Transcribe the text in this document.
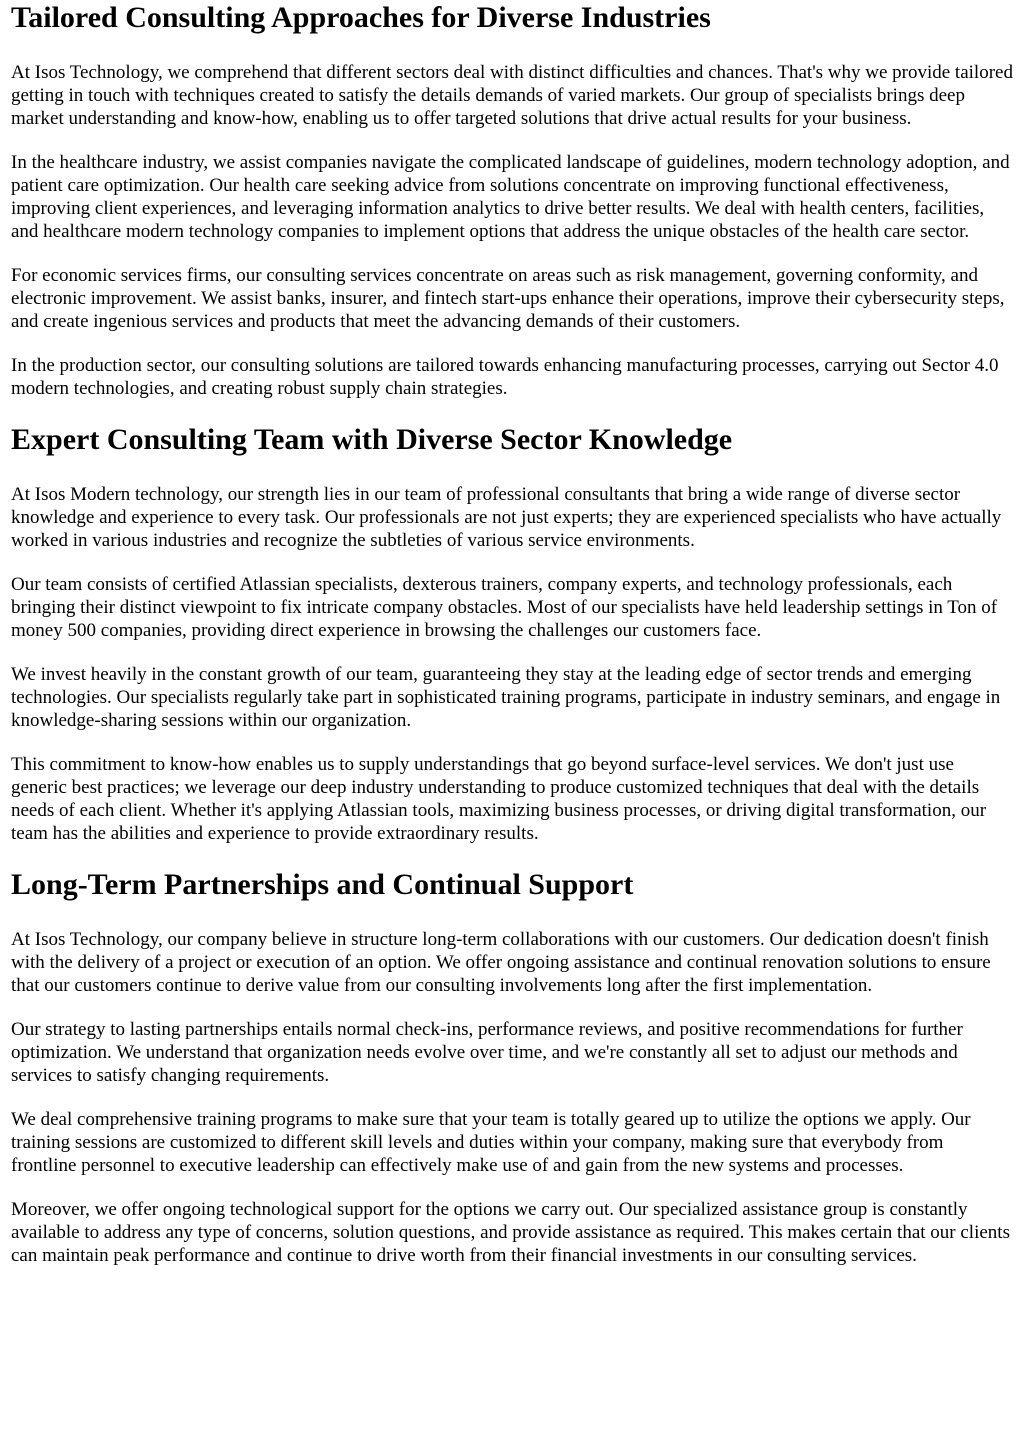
Tailored Consulting Approaches for Diverse Industries

At Isos Technology, we comprehend that different sectors deal with distinct difficulties and chances. That's why we provide tailored getting in touch with techniques created to satisfy the details demands of varied markets. Our group of specialists brings deep market understanding and know-how, enabling us to offer targeted solutions that drive actual results for your business.

In the healthcare industry, we assist companies navigate the complicated landscape of guidelines, modern technology adoption, and patient care optimization. Our health care seeking advice from solutions concentrate on improving functional effectiveness, improving client experiences, and leveraging information analytics to drive better results. We deal with health centers, facilities, and healthcare modern technology companies to implement options that address the unique obstacles of the health care sector.

For economic services firms, our consulting services concentrate on areas such as risk management, governing conformity, and electronic improvement. We assist banks, insurer, and fintech start-ups enhance their operations, improve their cybersecurity steps, and create ingenious services and products that meet the advancing demands of their customers.

In the production sector, our consulting solutions are tailored towards enhancing manufacturing processes, carrying out Sector 4.0 modern technologies, and creating robust supply chain strategies.

Expert Consulting Team with Diverse Sector Knowledge

At Isos Modern technology, our strength lies in our team of professional consultants that bring a wide range of diverse sector knowledge and experience to every task. Our professionals are not just experts; they are experienced specialists who have actually worked in various industries and recognize the subtleties of various service environments.

Our team consists of certified Atlassian specialists, dexterous trainers, company experts, and technology professionals, each bringing their distinct viewpoint to fix intricate company obstacles. Most of our specialists have held leadership settings in Ton of money 500 companies, providing direct experience in browsing the challenges our customers face.

We invest heavily in the constant growth of our team, guaranteeing they stay at the leading edge of sector trends and emerging technologies. Our specialists regularly take part in sophisticated training programs, participate in industry seminars, and engage in knowledge-sharing sessions within our organization.

This commitment to know-how enables us to supply understandings that go beyond surface-level services. We don't just use generic best practices; we leverage our deep industry understanding to produce customized techniques that deal with the details needs of each client. Whether it's applying Atlassian tools, maximizing business processes, or driving digital transformation, our team has the abilities and experience to provide extraordinary results.

Long-Term Partnerships and Continual Support

At Isos Technology, our company believe in structure long-term collaborations with our customers. Our dedication doesn't finish with the delivery of a project or execution of an option. We offer ongoing assistance and continual renovation solutions to ensure that our customers continue to derive value from our consulting involvements long after the first implementation.

Our strategy to lasting partnerships entails normal check-ins, performance reviews, and positive recommendations for further optimization. We understand that organization needs evolve over time, and we're constantly all set to adjust our methods and services to satisfy changing requirements.

We deal comprehensive training programs to make sure that your team is totally geared up to utilize the options we apply. Our training sessions are customized to different skill levels and duties within your company, making sure that everybody from frontline personnel to executive leadership can effectively make use of and gain from the new systems and processes.

Moreover, we offer ongoing technological support for the options we carry out. Our specialized assistance group is constantly available to address any type of concerns, solution questions, and provide assistance as required. This makes certain that our clients can maintain peak performance and continue to drive worth from their financial investments in our consulting services.
